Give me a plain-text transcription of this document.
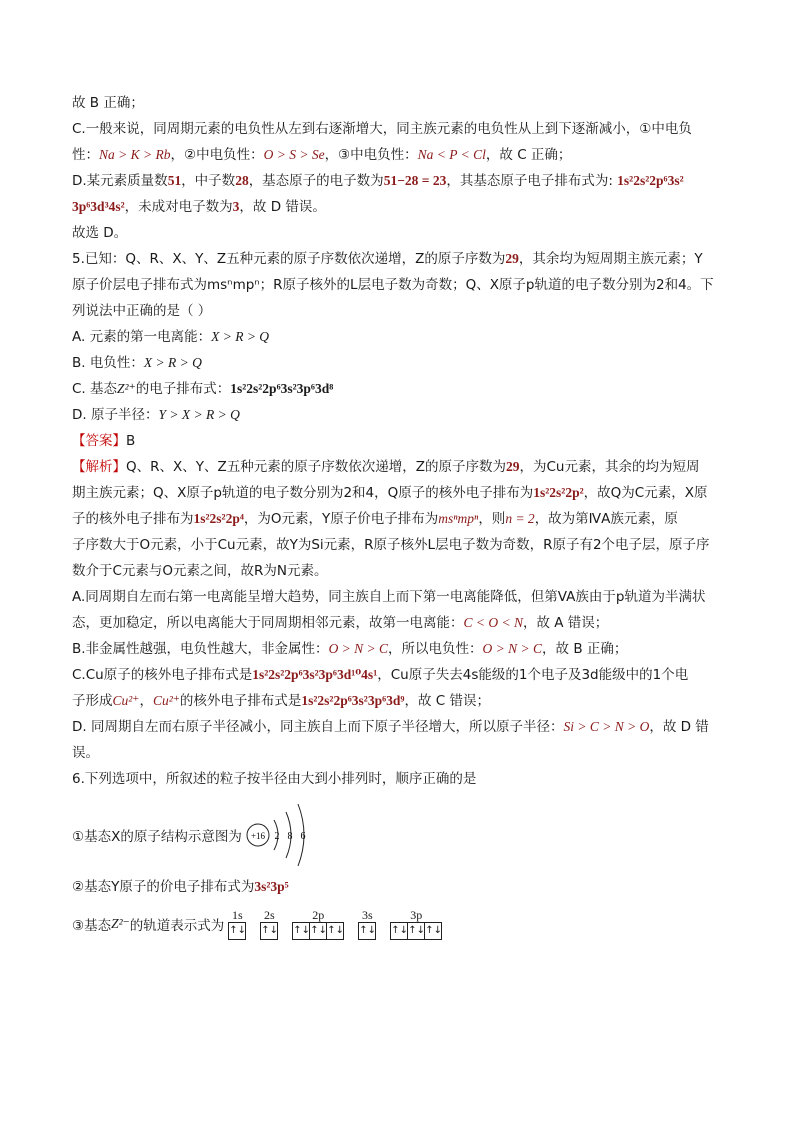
故 B 正确；

C.一般来说，同周期元素的电负性从左到右逐渐增大，同主族元素的电负性从上到下逐渐减小，①中电负

性：Na > K > Rb，②中电负性：O > S > Se，③中电负性：Na < P < Cl，故 C 正确；

D.某元素质量数51，中子数28，基态原子的电子数为51−28 = 23，其基态原子电子排布式为: 1s²2s²2p⁶3s²

3p⁶3d³4s²，未成对电子数为3，故 D 错误。

故选 D。

5.已知：Q、R、X、Y、Z五种元素的原子序数依次递增，Z的原子序数为29，其余均为短周期主族元素；Y

原子价层电子排布式为msⁿmpⁿ；R原子核外的L层电子数为奇数；Q、X原子p轨道的电子数分别为2和4。下

列说法中正确的是（ ）

A. 元素的第一电离能：X > R > Q

B. 电负性：X > R > Q

C. 基态Z²⁺的电子排布式：1s²2s²2p⁶3s²3p⁶3d⁸

D. 原子半径：Y > X > R > Q

【答案】B

【解析】Q、R、X、Y、Z五种元素的原子序数依次递增，Z的原子序数为29，为Cu元素，其余的均为短周

期主族元素；Q、X原子p轨道的电子数分别为2和4，Q原子的核外电子排布为1s²2s²2p²，故Q为C元素，X原

子的核外电子排布为1s²2s²2p⁴，为O元素，Y原子价电子排布为msⁿmpⁿ，则n = 2，故为第ⅣA族元素，原

子序数大于O元素，小于Cu元素，故Y为Si元素，R原子核外L层电子数为奇数，R原子有2个电子层，原子序

数介于C元素与O元素之间，故R为N元素。

A.同周期自左而右第一电离能呈增大趋势，同主族自上而下第一电离能降低，但第VA族由于p轨道为半满状

态，更加稳定，所以电离能大于同周期相邻元素，故第一电离能：C < O < N，故 A 错误；

B.非金属性越强，电负性越大，非金属性：O > N > C，所以电负性：O > N > C，故 B 正确；

C.Cu原子的核外电子排布式是1s²2s²2p⁶3s²3p⁶3d¹⁰4s¹，Cu原子失去4s能级的1个电子及3d能级中的1个电

子形成Cu²⁺，Cu²⁺的核外电子排布式是1s²2s²2p⁶3s²3p⁶3d⁹，故 C 错误；

D. 同周期自左而右原子半径减小，同主族自上而下原子半径增大，所以原子半径：Si > C > N > O，故 D 错

误。

6.下列选项中，所叙述的粒子按半径由大到小排列时，顺序正确的是

①基态X的原子结构示意图为 +16 2 8 6

②基态Y原子的价电子排布式为3s²3p⁵

③基态 Z²⁻ 的轨道表示式为
1s
↑↓
2s
↑↓
2p
↑↓ ↑↓ ↑↓
3s
↑↓
3p
↑↓ ↑↓ ↑↓
